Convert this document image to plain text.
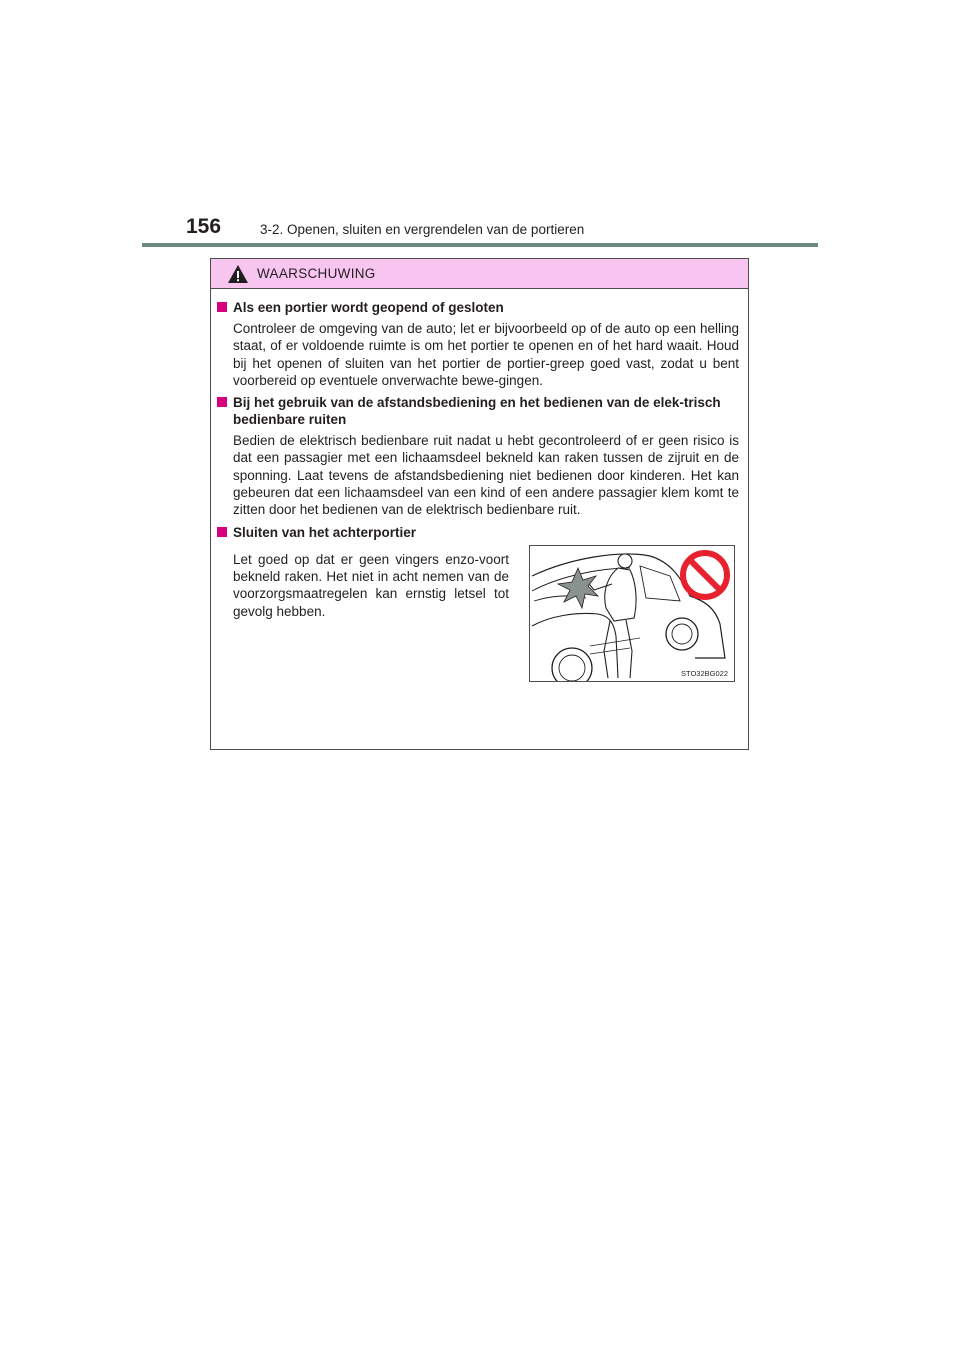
156	3-2. Openen, sluiten en vergrendelen van de portieren
WAARSCHUWING
Als een portier wordt geopend of gesloten
Controleer de omgeving van de auto; let er bijvoorbeeld op of de auto op een helling staat, of er voldoende ruimte is om het portier te openen en of het hard waait. Houd bij het openen of sluiten van het portier de portier-greep goed vast, zodat u bent voorbereid op eventuele onverwachte bewe-gingen.
Bij het gebruik van de afstandsbediening en het bedienen van de elek-trisch bedienbare ruiten
Bedien de elektrisch bedienbare ruit nadat u hebt gecontroleerd of er geen risico is dat een passagier met een lichaamsdeel bekneld kan raken tussen de zijruit en de sponning. Laat tevens de afstandsbediening niet bedienen door kinderen. Het kan gebeuren dat een lichaamsdeel van een kind of een andere passagier klem komt te zitten door het bedienen van de elektrisch bedienbare ruit.
Sluiten van het achterportier
Let goed op dat er geen vingers enzo-voort bekneld raken. Het niet in acht nemen van de voorzorgsmaatregelen kan ernstig letsel tot gevolg hebben.
STO32BG022
